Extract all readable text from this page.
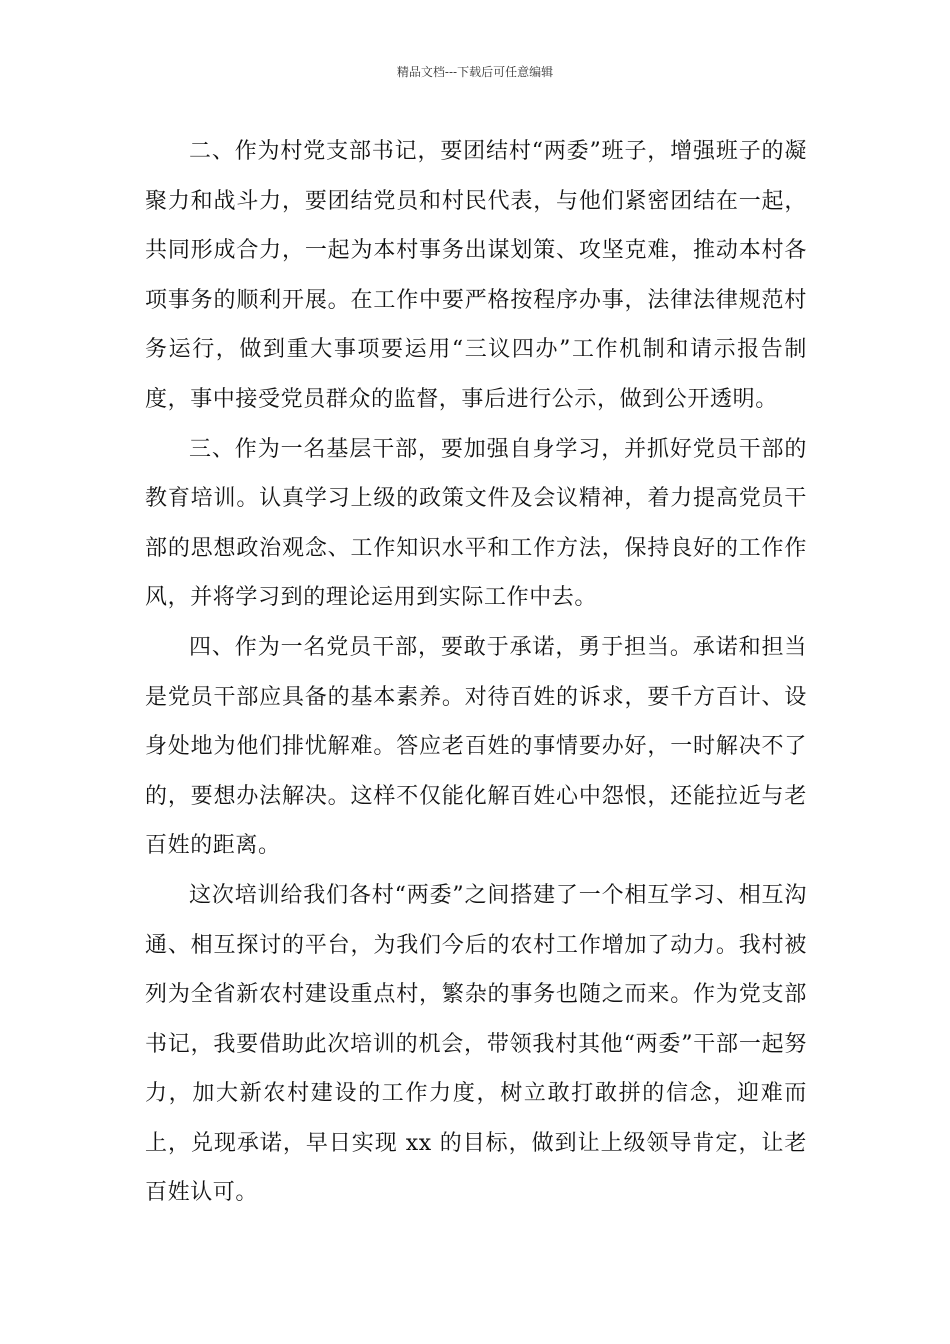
精品文档---下载后可任意编辑

二、作为村党支部书记，要团结村“两委”班子，增强班子的凝聚力和战斗力，要团结党员和村民代表，与他们紧密团结在一起，共同形成合力，一起为本村事务出谋划策、攻坚克难，推动本村各项事务的顺利开展。在工作中要严格按程序办事，法律法律规范村务运行，做到重大事项要运用“三议四办”工作机制和请示报告制度，事中接受党员群众的监督，事后进行公示，做到公开透明。

三、作为一名基层干部，要加强自身学习，并抓好党员干部的教育培训。认真学习上级的政策文件及会议精神，着力提高党员干部的思想政治观念、工作知识水平和工作方法，保持良好的工作作风，并将学习到的理论运用到实际工作中去。

四、作为一名党员干部，要敢于承诺，勇于担当。承诺和担当是党员干部应具备的基本素养。对待百姓的诉求，要千方百计、设身处地为他们排忧解难。答应老百姓的事情要办好，一时解决不了的，要想办法解决。这样不仅能化解百姓心中怨恨，还能拉近与老百姓的距离。

这次培训给我们各村“两委”之间搭建了一个相互学习、相互沟通、相互探讨的平台，为我们今后的农村工作增加了动力。我村被列为全省新农村建设重点村，繁杂的事务也随之而来。作为党支部书记，我要借助此次培训的机会，带领我村其他“两委”干部一起努力，加大新农村建设的工作力度，树立敢打敢拼的信念，迎难而上，兑现承诺，早日实现 xx 的目标，做到让上级领导肯定，让老百姓认可。
